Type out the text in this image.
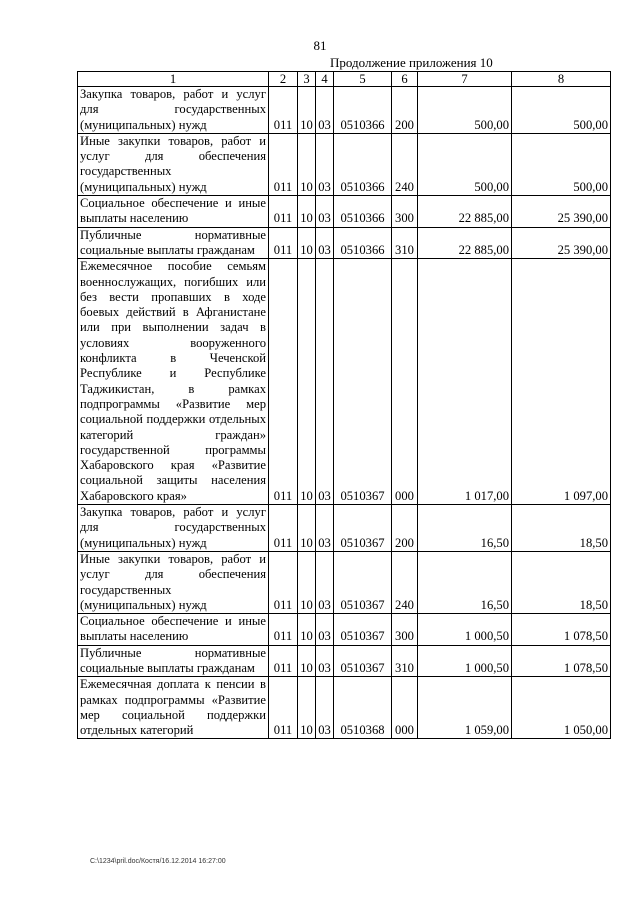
81
Продолжение приложения 10
1	2	3	4	5	6	7	8
Закупка товаров, работ и услуг для государственных (муниципальных) нужд	011	10	03	0510366	200	500,00	500,00
Иные закупки товаров, работ и услуг для обеспечения государственных (муниципальных) нужд	011	10	03	0510366	240	500,00	500,00
Социальное обеспечение и иные выплаты населению	011	10	03	0510366	300	22 885,00	25 390,00
Публичные нормативные социальные выплаты гражданам	011	10	03	0510366	310	22 885,00	25 390,00
Ежемесячное пособие семьям военнослужащих, погибших или без вести пропавших в ходе боевых действий в Афганистане или при выполнении задач в условиях вооруженного конфликта в Чеченской Республике и Республике Таджикистан, в рамках подпрограммы «Развитие мер социальной поддержки отдельных категорий граждан» государственной программы Хабаровского края «Развитие социальной защиты населения Хабаровского края»	011	10	03	0510367	000	1 017,00	1 097,00
Закупка товаров, работ и услуг для государственных (муниципальных) нужд	011	10	03	0510367	200	16,50	18,50
Иные закупки товаров, работ и услуг для обеспечения государственных (муниципальных) нужд	011	10	03	0510367	240	16,50	18,50
Социальное обеспечение и иные выплаты населению	011	10	03	0510367	300	1 000,50	1 078,50
Публичные нормативные социальные выплаты гражданам	011	10	03	0510367	310	1 000,50	1 078,50
Ежемесячная доплата к пенсии в рамках подпрограммы «Развитие мер социальной поддержки отдельных категорий	011	10	03	0510368	000	1 059,00	1 050,00
C:\1234\pril.doc/Костя/16.12.2014 16:27:00
